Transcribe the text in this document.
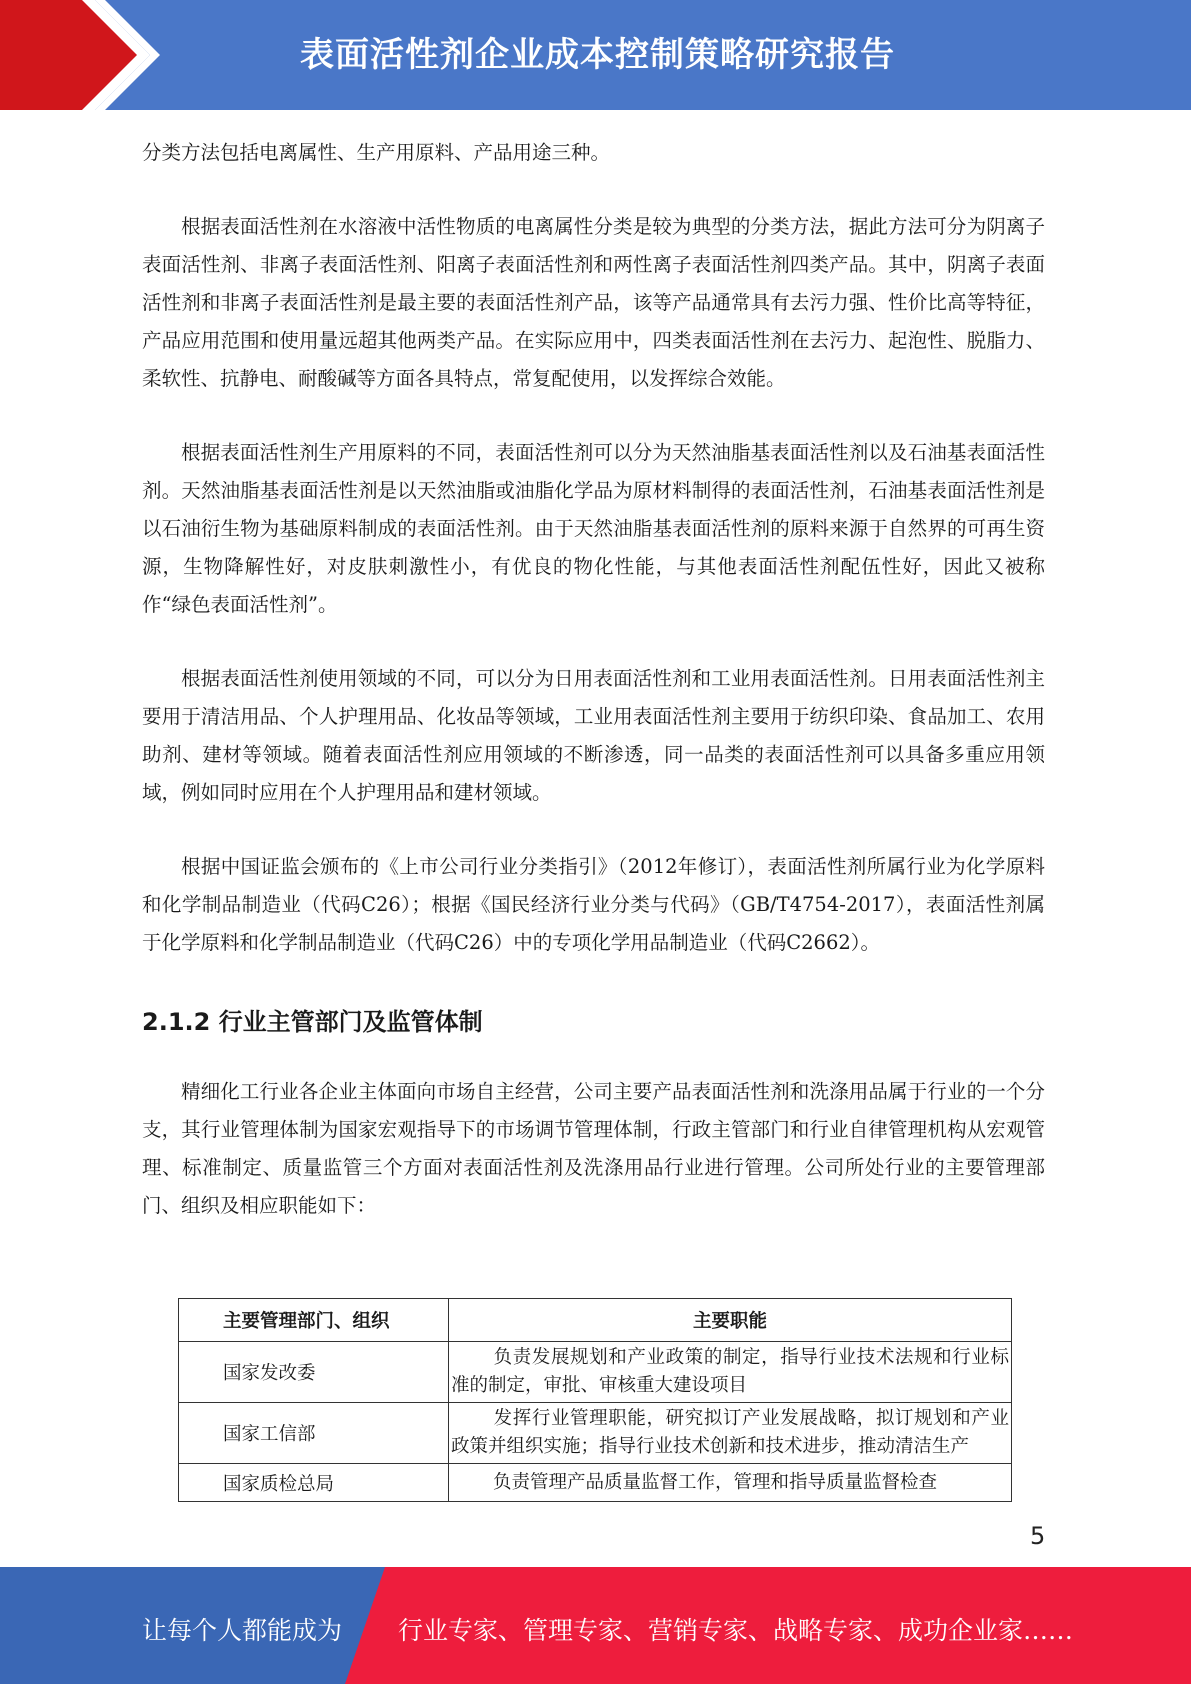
表面活性剂企业成本控制策略研究报告

分类方法包括电离属性、生产用原料、产品用途三种。

根据表面活性剂在水溶液中活性物质的电离属性分类是较为典型的分类方法，据此方法可分为阴离子表面活性剂、非离子表面活性剂、阳离子表面活性剂和两性离子表面活性剂四类产品。其中，阴离子表面活性剂和非离子表面活性剂是最主要的表面活性剂产品，该等产品通常具有去污力强、性价比高等特征，产品应用范围和使用量远超其他两类产品。在实际应用中，四类表面活性剂在去污力、起泡性、脱脂力、柔软性、抗静电、耐酸碱等方面各具特点，常复配使用，以发挥综合效能。

根据表面活性剂生产用原料的不同，表面活性剂可以分为天然油脂基表面活性剂以及石油基表面活性剂。天然油脂基表面活性剂是以天然油脂或油脂化学品为原材料制得的表面活性剂，石油基表面活性剂是以石油衍生物为基础原料制成的表面活性剂。由于天然油脂基表面活性剂的原料来源于自然界的可再生资源，生物降解性好，对皮肤刺激性小，有优良的物化性能，与其他表面活性剂配伍性好，因此又被称作“绿色表面活性剂”。

根据表面活性剂使用领域的不同，可以分为日用表面活性剂和工业用表面活性剂。日用表面活性剂主要用于清洁用品、个人护理用品、化妆品等领域，工业用表面活性剂主要用于纺织印染、食品加工、农用助剂、建材等领域。随着表面活性剂应用领域的不断渗透，同一品类的表面活性剂可以具备多重应用领域，例如同时应用在个人护理用品和建材领域。

根据中国证监会颁布的《上市公司行业分类指引》（2012年修订），表面活性剂所属行业为化学原料和化学制品制造业（代码C26）；根据《国民经济行业分类与代码》（GB/T4754-2017），表面活性剂属于化学原料和化学制品制造业（代码C26）中的专项化学用品制造业（代码C2662）。

2.1.2 行业主管部门及监管体制

精细化工行业各企业主体面向市场自主经营，公司主要产品表面活性剂和洗涤用品属于行业的一个分支，其行业管理体制为国家宏观指导下的市场调节管理体制，行政主管部门和行业自律管理机构从宏观管理、标准制定、质量监管三个方面对表面活性剂及洗涤用品行业进行管理。公司所处行业的主要管理部门、组织及相应职能如下：

主要管理部门、组织	主要职能
国家发改委	负责发展规划和产业政策的制定，指导行业技术法规和行业标准的制定，审批、审核重大建设项目
国家工信部	发挥行业管理职能，研究拟订产业发展战略，拟订规划和产业政策并组织实施；指导行业技术创新和技术进步，推动清洁生产
国家质检总局	负责管理产品质量监督工作，管理和指导质量监督检查
5
让每个人都能成为 行业专家、管理专家、营销专家、战略专家、成功企业家……
